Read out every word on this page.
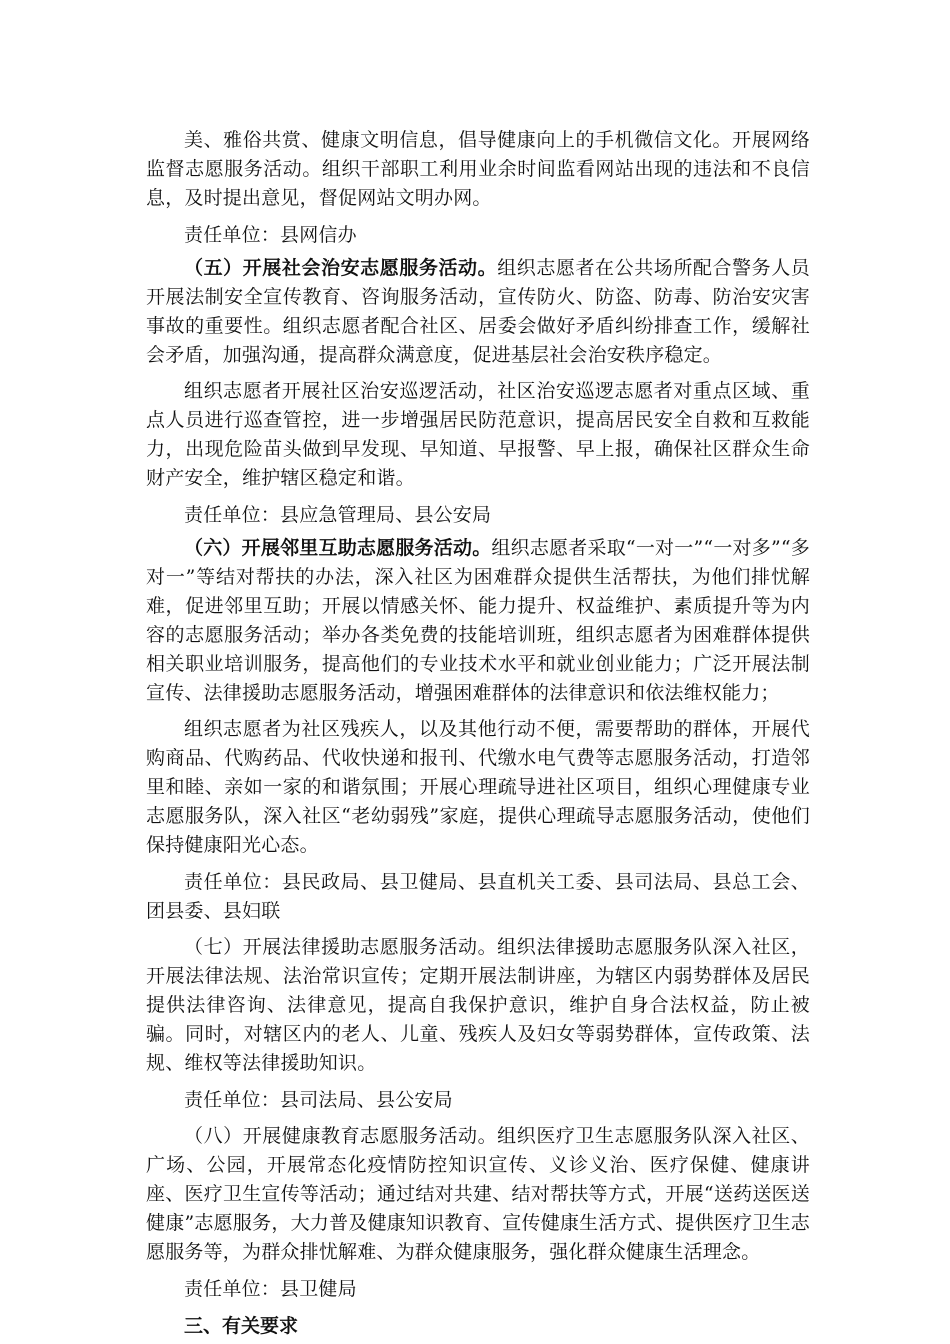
美、雅俗共赏、健康文明信息，倡导健康向上的手机微信文化。开展网络监督志愿服务活动。组织干部职工利用业余时间监看网站出现的违法和不良信息，及时提出意见，督促网站文明办网。

责任单位：县网信办

（五）开展社会治安志愿服务活动。组织志愿者在公共场所配合警务人员开展法制安全宣传教育、咨询服务活动，宣传防火、防盗、防毒、防治安灾害事故的重要性。组织志愿者配合社区、居委会做好矛盾纠纷排查工作，缓解社会矛盾，加强沟通，提高群众满意度，促进基层社会治安秩序稳定。

组织志愿者开展社区治安巡逻活动，社区治安巡逻志愿者对重点区域、重点人员进行巡查管控，进一步增强居民防范意识，提高居民安全自救和互救能力，出现危险苗头做到早发现、早知道、早报警、早上报，确保社区群众生命财产安全，维护辖区稳定和谐。

责任单位：县应急管理局、县公安局

（六）开展邻里互助志愿服务活动。组织志愿者采取“一对一”“一对多”“多对一”等结对帮扶的办法，深入社区为困难群众提供生活帮扶，为他们排忧解难，促进邻里互助；开展以情感关怀、能力提升、权益维护、素质提升等为内容的志愿服务活动；举办各类免费的技能培训班，组织志愿者为困难群体提供相关职业培训服务，提高他们的专业技术水平和就业创业能力；广泛开展法制宣传、法律援助志愿服务活动，增强困难群体的法律意识和依法维权能力；

组织志愿者为社区残疾人，以及其他行动不便，需要帮助的群体，开展代购商品、代购药品、代收快递和报刊、代缴水电气费等志愿服务活动，打造邻里和睦、亲如一家的和谐氛围；开展心理疏导进社区项目，组织心理健康专业志愿服务队，深入社区“老幼弱残”家庭，提供心理疏导志愿服务活动，使他们保持健康阳光心态。

责任单位：县民政局、县卫健局、县直机关工委、县司法局、县总工会、团县委、县妇联

（七）开展法律援助志愿服务活动。组织法律援助志愿服务队深入社区，开展法律法规、法治常识宣传；定期开展法制讲座，为辖区内弱势群体及居民提供法律咨询、法律意见，提高自我保护意识，维护自身合法权益，防止被骗。同时，对辖区内的老人、儿童、残疾人及妇女等弱势群体，宣传政策、法规、维权等法律援助知识。

责任单位：县司法局、县公安局

（八）开展健康教育志愿服务活动。组织医疗卫生志愿服务队深入社区、广场、公园，开展常态化疫情防控知识宣传、义诊义治、医疗保健、健康讲座、医疗卫生宣传等活动；通过结对共建、结对帮扶等方式，开展“送药送医送健康”志愿服务，大力普及健康知识教育、宣传健康生活方式、提供医疗卫生志愿服务等，为群众排忧解难、为群众健康服务，强化群众健康生活理念。

责任单位：县卫健局

三、有关要求
